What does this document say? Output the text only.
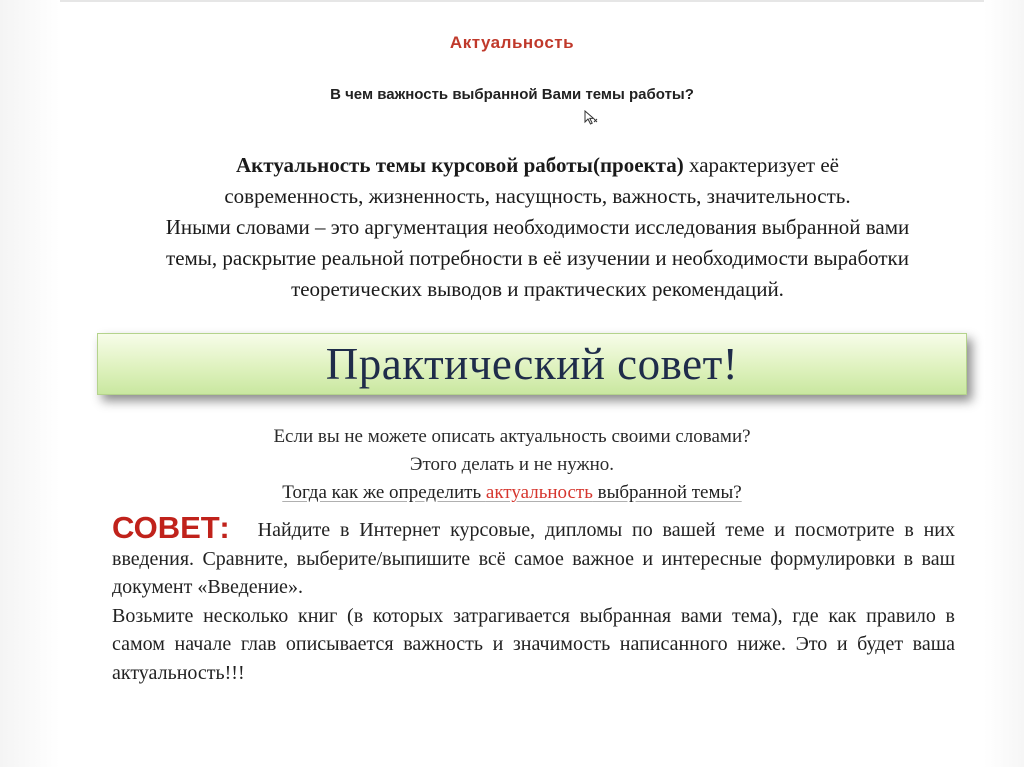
Актуальность
В чем важность выбранной Вами темы работы?
Актуальность темы курсовой работы(проекта) характеризует её
современность, жизненность, насущность, важность, значительность.
Иными словами – это аргументация необходимости исследования выбранной вами
темы, раскрытие реальной потребности в её изучении и необходимости выработки
теоретических выводов и практических рекомендаций.
Практический совет!
Если вы не можете описать актуальность своими словами?
Этого делать и не нужно.
Тогда как же определить актуальность выбранной темы?

СОВЕТ: Найдите в Интернет курсовые, дипломы по вашей теме и посмотрите в них введения. Сравните, выберите/выпишите всё самое важное и интересные формулировки в ваш документ «Введение».

Возьмите несколько книг (в которых затрагивается выбранная вами тема), где как правило в самом начале глав описывается важность и значимость написанного ниже. Это и будет ваша актуальность!!!
